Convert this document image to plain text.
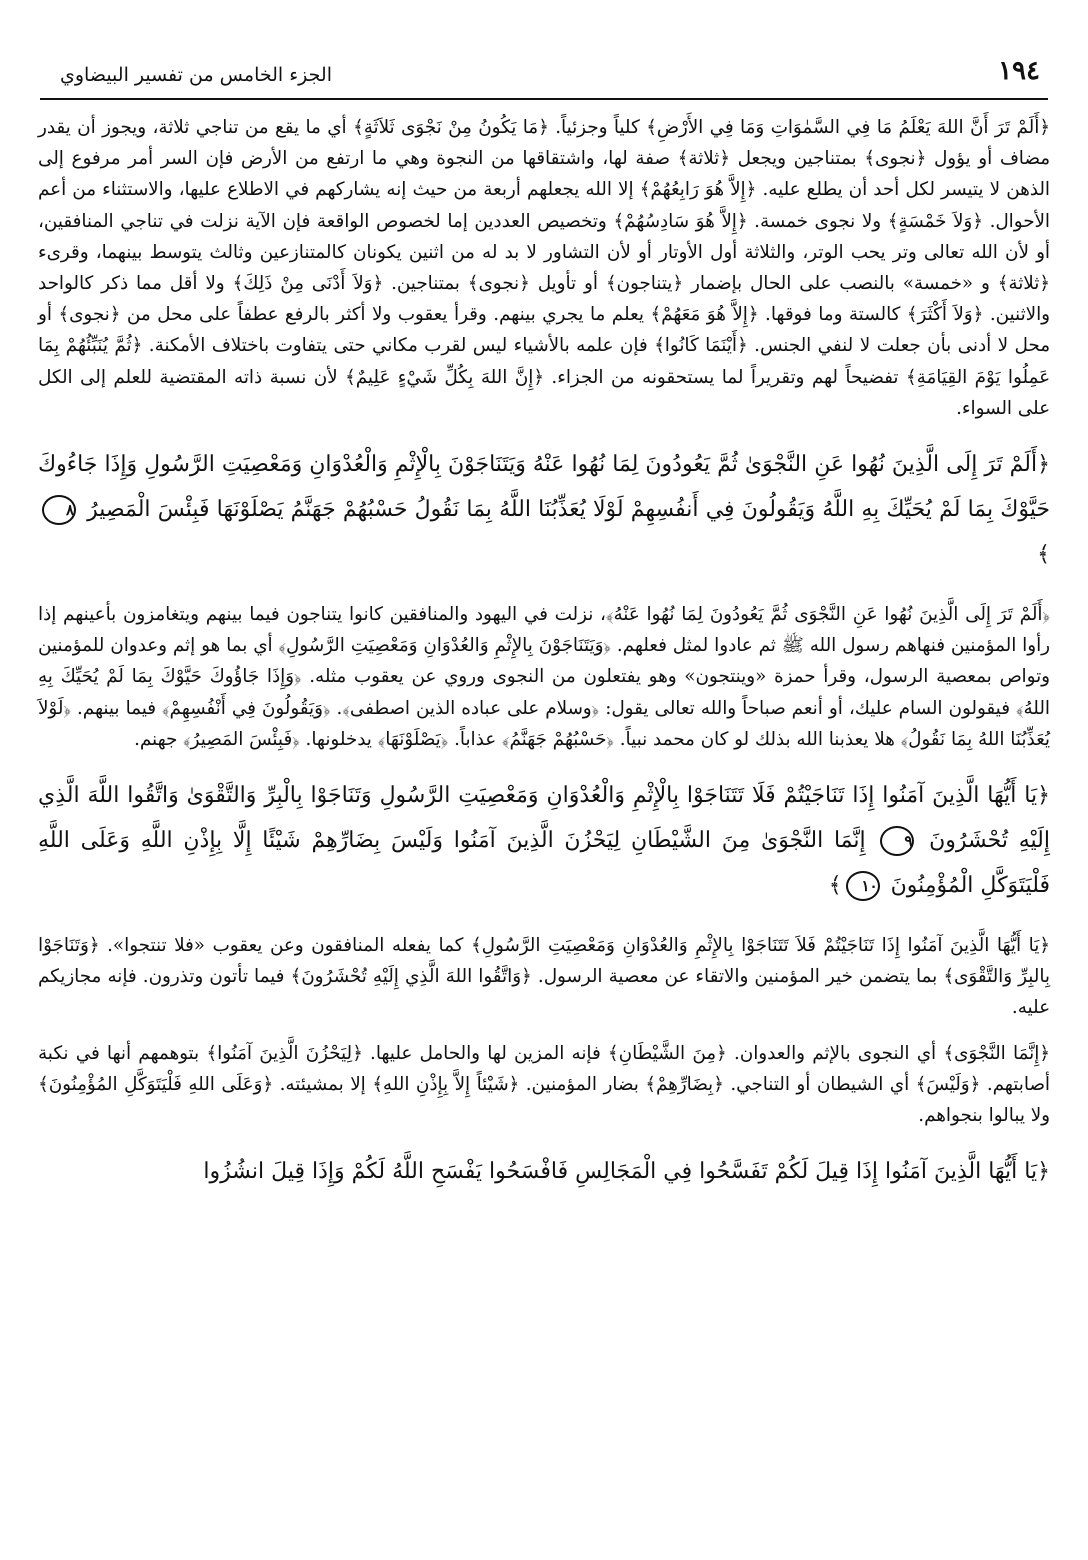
١٩٤
الجزء الخامس من تفسير البيضاوي

﴿أَلَمْ تَرَ أَنَّ اللهَ يَعْلَمُ مَا فِي السَّمٰوَاتِ وَمَا فِي الأَرْضِ﴾ كلياً وجزئياً. ﴿مَا يَكُونُ مِنْ نَجْوَى ثَلاَثَةٍ﴾ أي ما يقع من تناجي ثلاثة، ويجوز أن يقدر مضاف أو يؤول ﴿نجوى﴾ بمتناجين ويجعل ﴿ثلاثة﴾ صفة لها، واشتقاقها من النجوة وهي ما ارتفع من الأرض فإن السر أمر مرفوع إلى الذهن لا يتيسر لكل أحد أن يطلع عليه. ﴿إِلاَّ هُوَ رَابِعُهُمْ﴾ إلا الله يجعلهم أربعة من حيث إنه يشاركهم في الاطلاع عليها، والاستثناء من أعم الأحوال. ﴿وَلاَ خَمْسَةٍ﴾ ولا نجوى خمسة. ﴿إِلاَّ هُوَ سَادِسُهُمْ﴾ وتخصيص العددين إما لخصوص الواقعة فإن الآية نزلت في تناجي المنافقين، أو لأن الله تعالى وتر يحب الوتر، والثلاثة أول الأوتار أو لأن التشاور لا بد له من اثنين يكونان كالمتنازعين وثالث يتوسط بينهما، وقرىء ﴿ثلاثة﴾ و «خمسة» بالنصب على الحال بإضمار ﴿يتناجون﴾ أو تأويل ﴿نجوى﴾ بمتناجين. ﴿وَلاَ أَدْنَى مِنْ ذَلِكَ﴾ ولا أقل مما ذكر كالواحد والاثنين. ﴿وَلاَ أَكْثَرَ﴾ كالستة وما فوقها. ﴿إِلاَّ هُوَ مَعَهُمْ﴾ يعلم ما يجري بينهم. وقرأ يعقوب ولا أكثر بالرفع عطفاً على محل من ﴿نجوى﴾ أو محل لا أدنى بأن جعلت لا لنفي الجنس. ﴿أَيْنَمَا كَانُوا﴾ فإن علمه بالأشياء ليس لقرب مكاني حتى يتفاوت باختلاف الأمكنة. ﴿ثُمَّ يُنَبِّئُهُمْ بِمَا عَمِلُوا يَوْمَ القِيَامَةِ﴾ تفضيحاً لهم وتقريراً لما يستحقونه من الجزاء. ﴿إِنَّ اللهَ بِكُلِّ شَيْءٍ عَلِيمٌ﴾ لأن نسبة ذاته المقتضية للعلم إلى الكل على السواء.

﴿أَلَمْ تَرَ إِلَى الَّذِينَ نُهُوا عَنِ النَّجْوَىٰ ثُمَّ يَعُودُونَ لِمَا نُهُوا عَنْهُ وَيَتَنَاجَوْنَ بِالْإِثْمِ وَالْعُدْوَانِ وَمَعْصِيَتِ الرَّسُولِ وَإِذَا جَاءُوكَ حَيَّوْكَ بِمَا لَمْ يُحَيِّكَ بِهِ اللَّهُ وَيَقُولُونَ فِي أَنفُسِهِمْ لَوْلَا يُعَذِّبُنَا اللَّهُ بِمَا نَقُولُ حَسْبُهُمْ جَهَنَّمُ يَصْلَوْنَهَا فَبِئْسَ الْمَصِيرُ ٨﴾

﴿أَلَمْ تَرَ إِلَى الَّذِينَ نُهُوا عَنِ النَّجْوَى ثُمَّ يَعُودُونَ لِمَا نُهُوا عَنْهُ﴾، نزلت في اليهود والمنافقين كانوا يتناجون فيما بينهم ويتغامزون بأعينهم إذا رأوا المؤمنين فنهاهم رسول الله ﷺ ثم عادوا لمثل فعلهم. ﴿وَيَتَنَاجَوْنَ بِالإِثْمِ وَالعُدْوَانِ وَمَعْصِيَتِ الرَّسُولِ﴾ أي بما هو إثم وعدوان للمؤمنين وتواص بمعصية الرسول، وقرأ حمزة «وينتجون» وهو يفتعلون من النجوى وروي عن يعقوب مثله. ﴿وَإِذَا جَاؤُوكَ حَيَّوْكَ بِمَا لَمْ يُحَيِّكَ بِهِ اللهُ﴾ فيقولون السام عليك، أو أنعم صباحاً والله تعالى يقول: ﴿وسلام على عباده الذين اصطفى﴾. ﴿وَيَقُولُونَ فِي أَنْفُسِهِمْ﴾ فيما بينهم. ﴿لَوْلاَ يُعَذِّبُنَا اللهُ بِمَا نَقُولُ﴾ هلا يعذبنا الله بذلك لو كان محمد نبياً. ﴿حَسْبُهُمْ جَهَنَّمُ﴾ عذاباً. ﴿يَصْلَوْنَهَا﴾ يدخلونها. ﴿فَبِئْسَ المَصِيرُ﴾ جهنم.

﴿يَا أَيُّهَا الَّذِينَ آمَنُوا إِذَا تَنَاجَيْتُمْ فَلَا تَتَنَاجَوْا بِالْإِثْمِ وَالْعُدْوَانِ وَمَعْصِيَتِ الرَّسُولِ وَتَنَاجَوْا بِالْبِرِّ وَالتَّقْوَىٰ وَاتَّقُوا اللَّهَ الَّذِي إِلَيْهِ تُحْشَرُونَ ٩ إِنَّمَا النَّجْوَىٰ مِنَ الشَّيْطَانِ لِيَحْزُنَ الَّذِينَ آمَنُوا وَلَيْسَ بِضَارِّهِمْ شَيْئًا إِلَّا بِإِذْنِ اللَّهِ وَعَلَى اللَّهِ فَلْيَتَوَكَّلِ الْمُؤْمِنُونَ ١٠﴾

﴿يَا أَيُّهَا الَّذِينَ آمَنُوا إِذَا تَنَاجَيْتُمْ فَلاَ تَتَنَاجَوْا بِالإِثْمِ وَالعُدْوَانِ وَمَعْصِيَتِ الرَّسُولِ﴾ كما يفعله المنافقون وعن يعقوب «فلا تنتجوا». ﴿وَتَنَاجَوْا بِالبِرِّ وَالتَّقْوَى﴾ بما يتضمن خير المؤمنين والاتقاء عن معصية الرسول. ﴿وَاتَّقُوا اللهَ الَّذِي إِلَيْهِ تُحْشَرُونَ﴾ فيما تأتون وتذرون. فإنه مجازيكم عليه.

﴿إِنَّمَا النَّجْوَى﴾ أي النجوى بالإثم والعدوان. ﴿مِنَ الشَّيْطَانِ﴾ فإنه المزين لها والحامل عليها. ﴿لِيَحْزُنَ الَّذِينَ آمَنُوا﴾ بتوهمهم أنها في نكبة أصابتهم. ﴿وَلَيْسَ﴾ أي الشيطان أو التناجي. ﴿بِضَارِّهِمْ﴾ بضار المؤمنين. ﴿شَيْئاً إِلاَّ بِإِذْنِ اللهِ﴾ إلا بمشيئته. ﴿وَعَلَى اللهِ فَلْيَتَوَكَّلِ المُؤْمِنُونَ﴾ ولا يبالوا بنجواهم.

﴿يَا أَيُّهَا الَّذِينَ آمَنُوا إِذَا قِيلَ لَكُمْ تَفَسَّحُوا فِي الْمَجَالِسِ فَافْسَحُوا يَفْسَحِ اللَّهُ لَكُمْ وَإِذَا قِيلَ انشُزُوا
